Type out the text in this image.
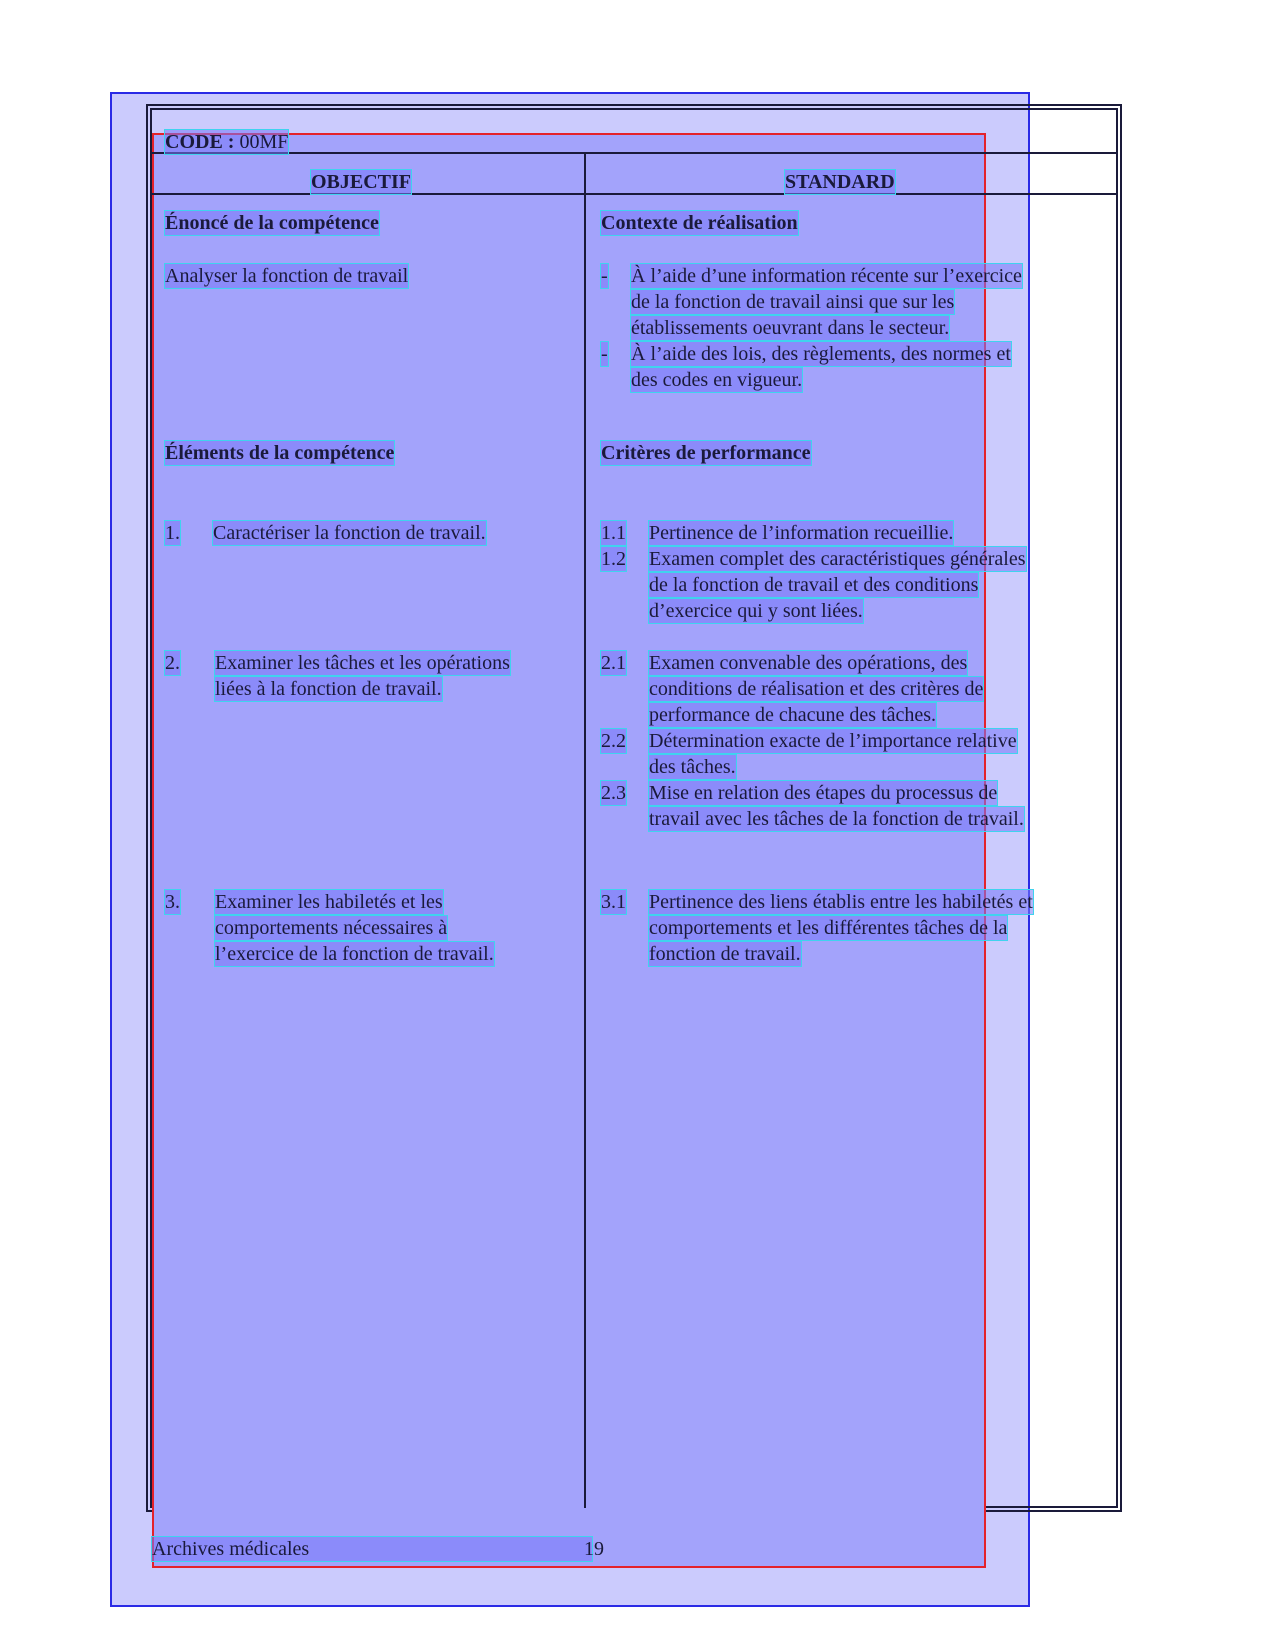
CODE : 00MF
OBJECTIF	STANDARD
Énoncé de la compétence
Analyser la fonction de travail
Éléments de la compétence
1. Caractériser la fonction de travail.
2. Examiner les tâches et les opérations
liées à la fonction de travail.
3. Examiner les habiletés et les
comportements nécessaires à
l’exercice de la fonction de travail.
Contexte de réalisation
- À l’aide d’une information récente sur l’exercice
de la fonction de travail ainsi que sur les
établissements oeuvrant dans le secteur.
- À l’aide des lois, des règlements, des normes et
des codes en vigueur.
Critères de performance
1.1 Pertinence de l’information recueillie.
1.2 Examen complet des caractéristiques générales
de la fonction de travail et des conditions
d’exercice qui y sont liées.
2.1 Examen convenable des opérations, des
conditions de réalisation et des critères de
performance de chacune des tâches.
2.2 Détermination exacte de l’importance relative
des tâches.
2.3 Mise en relation des étapes du processus de
travail avec les tâches de la fonction de travail.
3.1 Pertinence des liens établis entre les habiletés et
comportements et les différentes tâches de la
fonction de travail.
Archives médicales	19
